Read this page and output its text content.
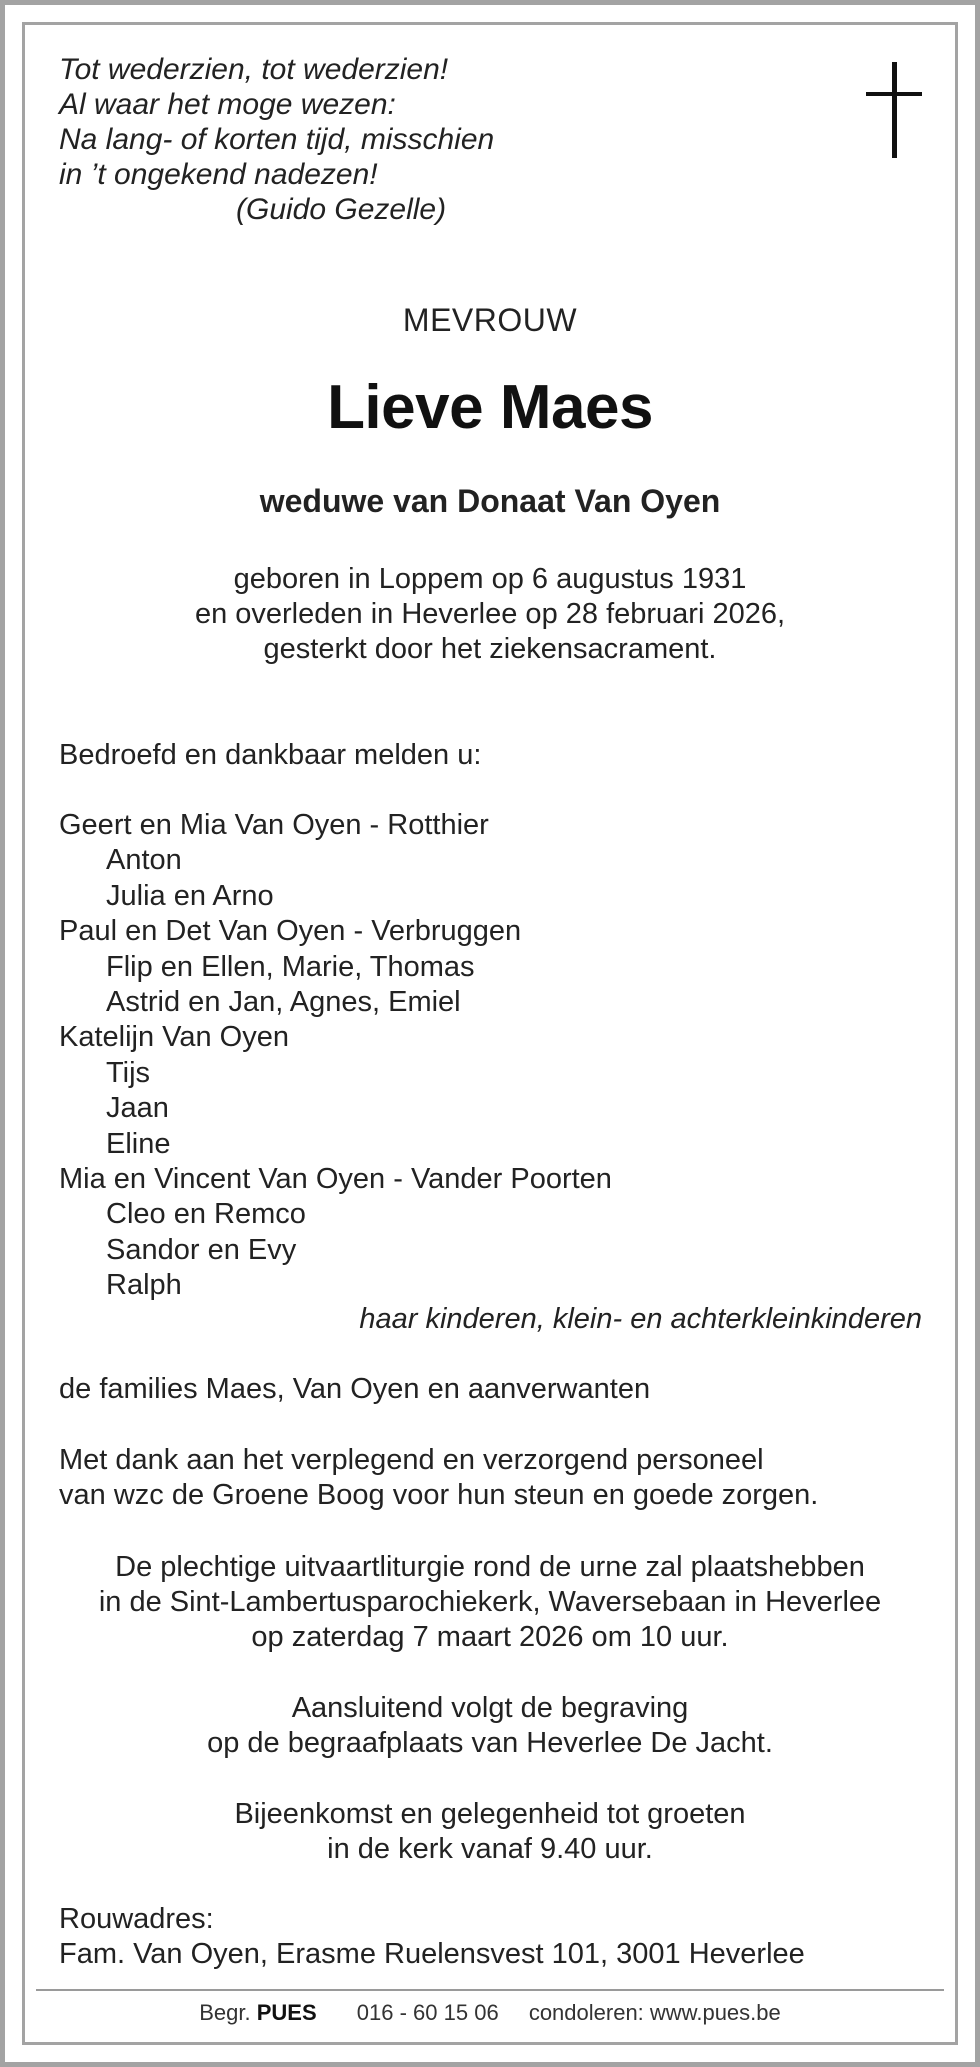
Tot wederzien, tot wederzien!
Al waar het moge wezen:
Na lang- of korten tijd, misschien
in ’t ongekend nadezen!
(Guido Gezelle)
MEVROUW
Lieve Maes
weduwe van Donaat Van Oyen
geboren in Loppem op 6 augustus 1931
en overleden in Heverlee op 28 februari 2026,
gesterkt door het ziekensacrament.
Bedroefd en dankbaar melden u:
Geert en Mia Van Oyen - Rotthier
Anton
Julia en Arno
Paul en Det Van Oyen - Verbruggen
Flip en Ellen, Marie, Thomas
Astrid en Jan, Agnes, Emiel
Katelijn Van Oyen
Tijs
Jaan
Eline
Mia en Vincent Van Oyen - Vander Poorten
Cleo en Remco
Sandor en Evy
Ralph
haar kinderen, klein- en achterkleinkinderen
de families Maes, Van Oyen en aanverwanten
Met dank aan het verplegend en verzorgend personeel
van wzc de Groene Boog voor hun steun en goede zorgen.
De plechtige uitvaartliturgie rond de urne zal plaatshebben
in de Sint-Lambertusparochiekerk, Waversebaan in Heverlee
op zaterdag 7 maart 2026 om 10 uur.
Aansluitend volgt de begraving
op de begraafplaats van Heverlee De Jacht.
Bijeenkomst en gelegenheid tot groeten
in de kerk vanaf 9.40 uur.
Rouwadres:
Fam. Van Oyen, Erasme Ruelensvest 101, 3001 Heverlee
Begr. PUES 016 - 60 15 06 condoleren: www.pues.be
